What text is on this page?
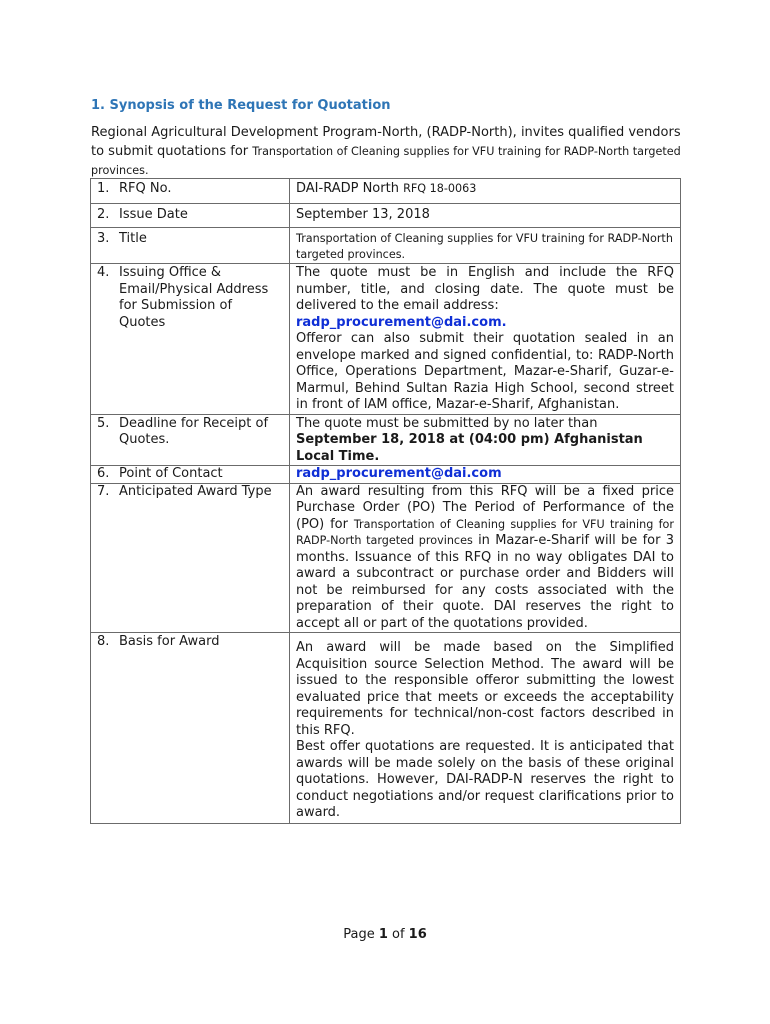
1. Synopsis of the Request for Quotation

Regional Agricultural Development Program-North, (RADP-North), invites qualified vendors to submit quotations for Transportation of Cleaning supplies for VFU training for RADP-North targeted provinces.

1. RFQ No.	DAI-RADP North RFQ 18-0063
2. Issue Date	September 13, 2018
3. Title	Transportation of Cleaning supplies for VFU training for RADP-North targeted provinces.
4. Issuing Office & Email/Physical Address for Submission of Quotes	The quote must be in English and include the RFQ number, title, and closing date. The quote must be delivered to the email address:
radp_procurement@dai.com.
Offeror can also submit their quotation sealed in an envelope marked and signed confidential, to: RADP-North Office, Operations Department, Mazar-e-Sharif, Guzar-e-Marmul, Behind Sultan Razia High School, second street in front of IAM office, Mazar-e-Sharif, Afghanistan.
5. Deadline for Receipt of Quotes.	The quote must be submitted by no later than
September 18, 2018 at (04:00 pm) Afghanistan Local Time.
6. Point of Contact	radp_procurement@dai.com
7. Anticipated Award Type	An award resulting from this RFQ will be a fixed price Purchase Order (PO) The Period of Performance of the (PO) for Transportation of Cleaning supplies for VFU training for RADP-North targeted provinces in Mazar-e-Sharif will be for 3 months. Issuance of this RFQ in no way obligates DAI to award a subcontract or purchase order and Bidders will not be reimbursed for any costs associated with the preparation of their quote. DAI reserves the right to accept all or part of the quotations provided.
8. Basis for Award	An award will be made based on the Simplified Acquisition source Selection Method. The award will be issued to the responsible offeror submitting the lowest evaluated price that meets or exceeds the acceptability requirements for technical/non-cost factors described in this RFQ.
Best offer quotations are requested. It is anticipated that awards will be made solely on the basis of these original quotations. However, DAI-RADP-N reserves the right to conduct negotiations and/or request clarifications prior to award.

Page 1 of 16
